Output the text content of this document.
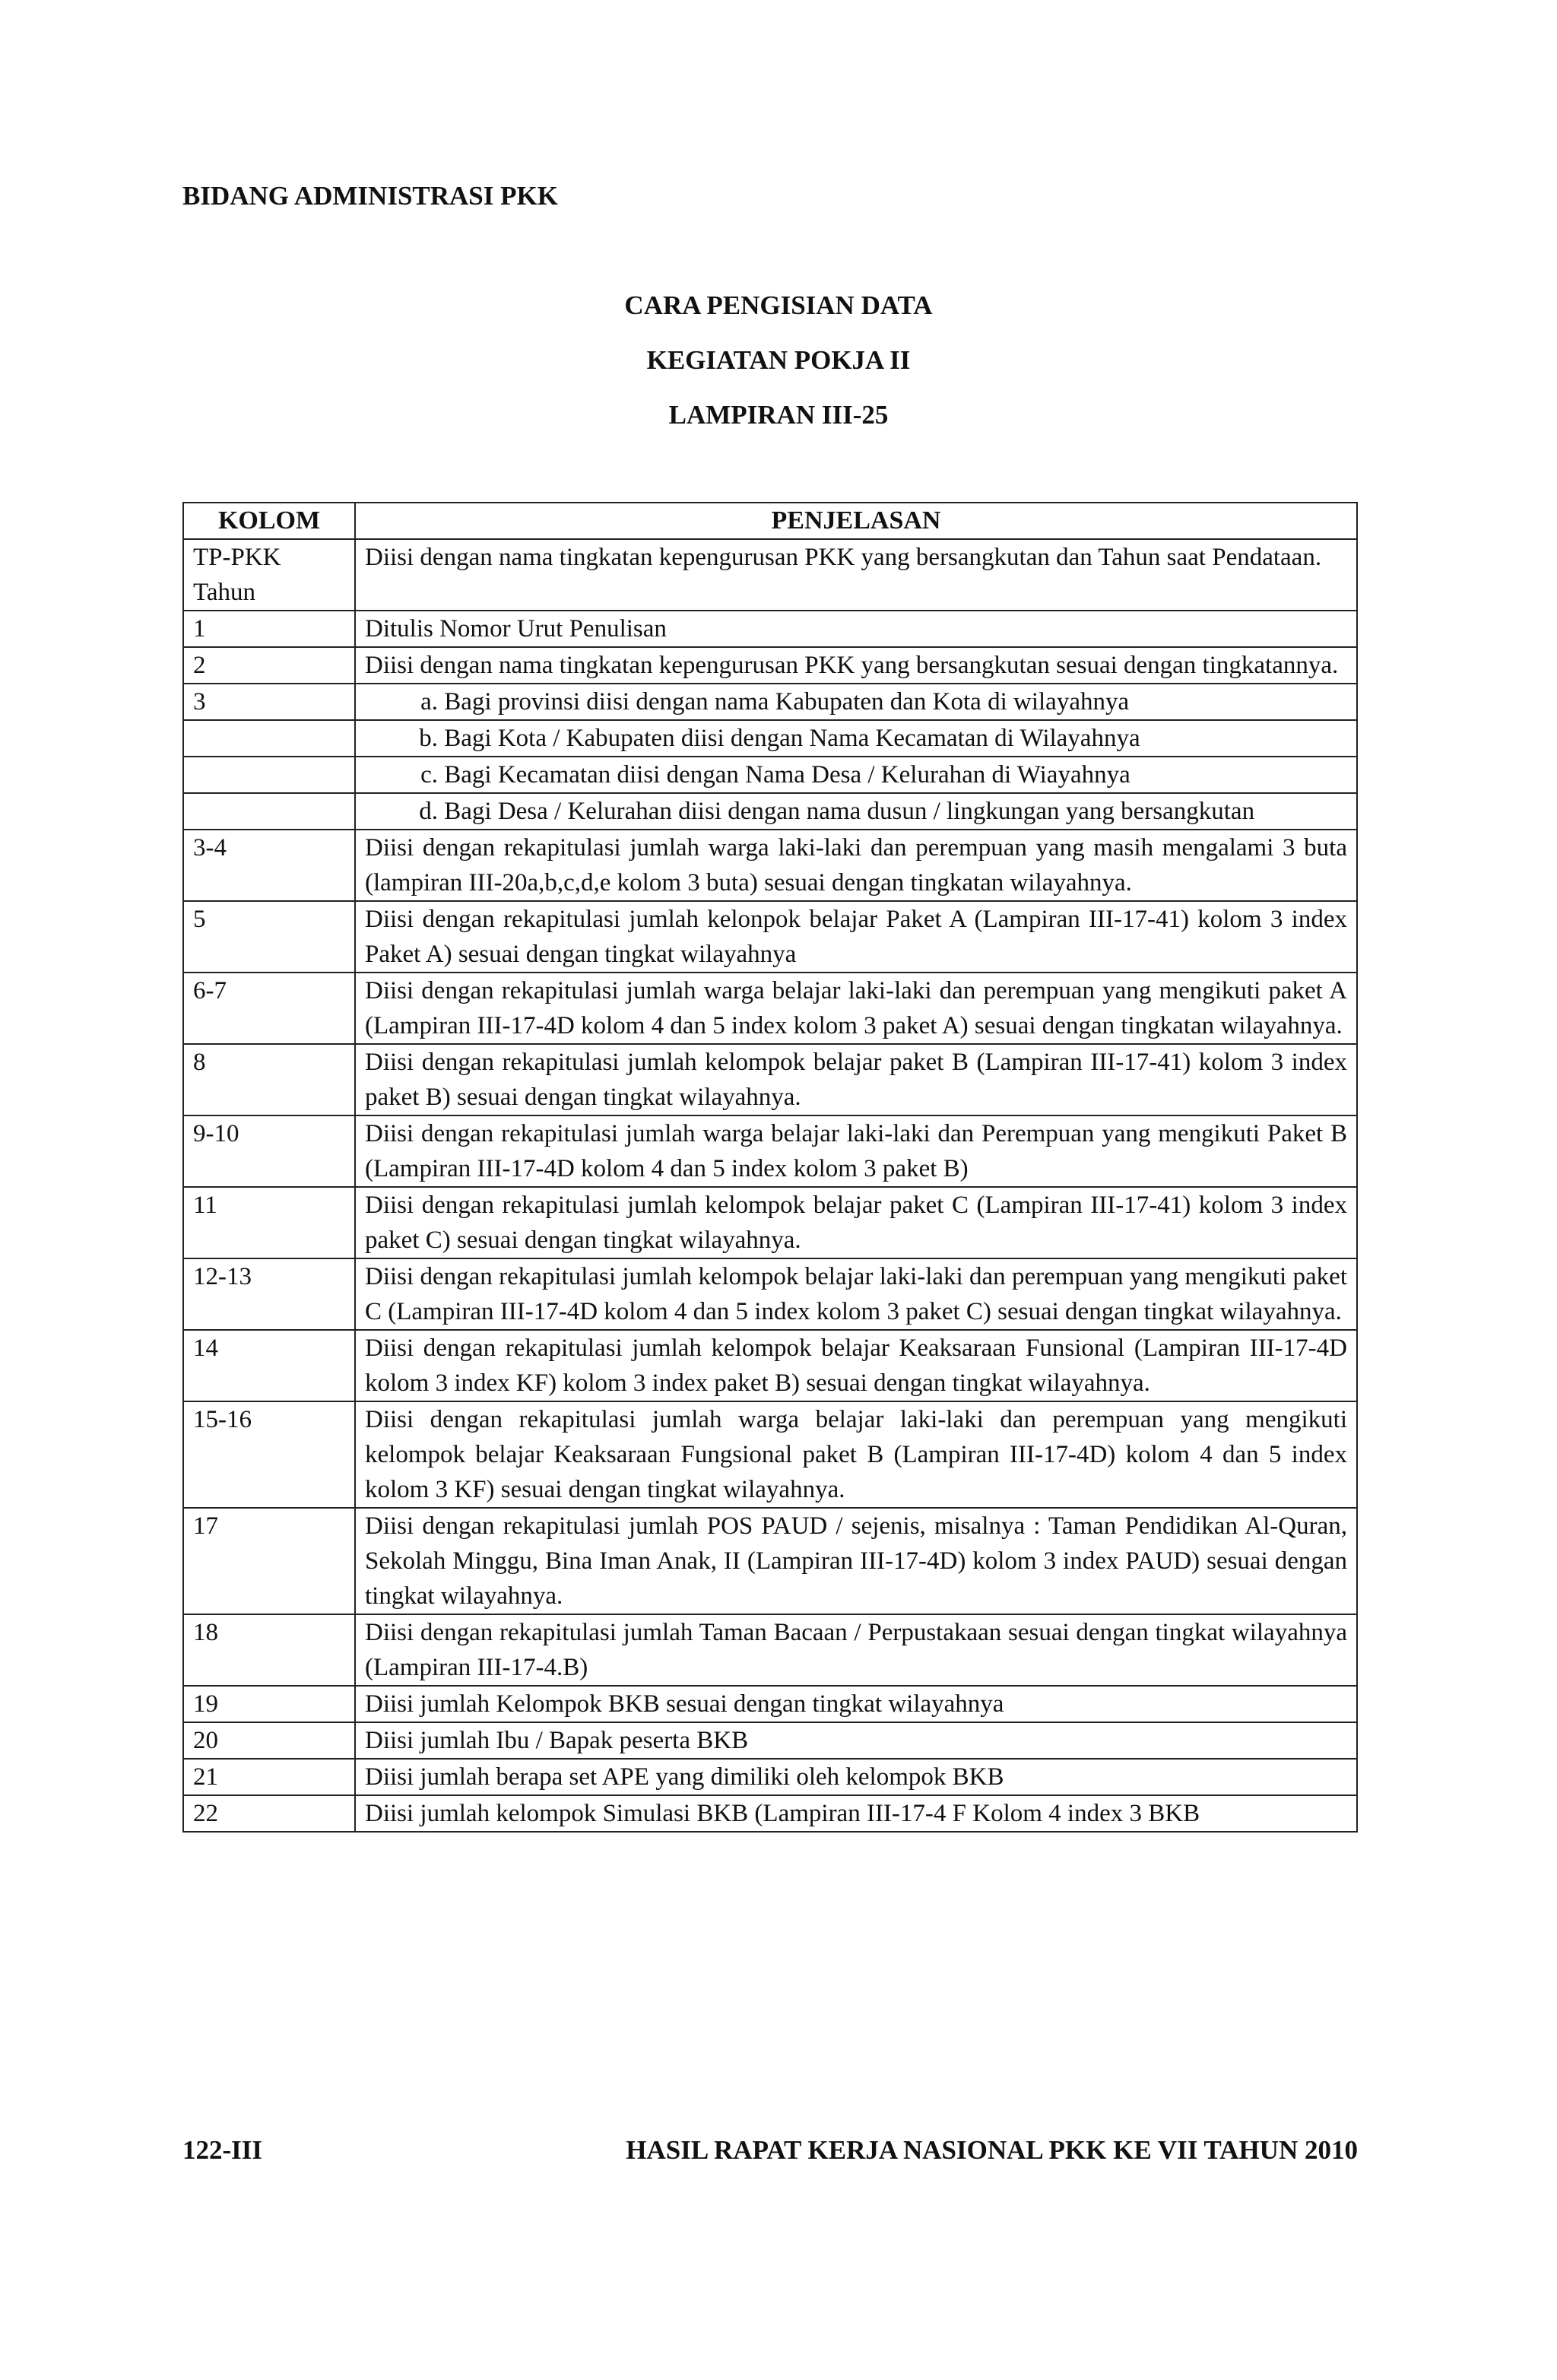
BIDANG ADMINISTRASI PKK
CARA PENGISIAN DATA
KEGIATAN POKJA II
LAMPIRAN III-25
KOLOM	PENJELASAN
TP-PKK Tahun	Diisi dengan nama tingkatan kepengurusan PKK yang bersangkutan dan Tahun saat Pendataan.
1	Ditulis Nomor Urut Penulisan
2	Diisi dengan nama tingkatan kepengurusan PKK yang bersangkutan sesuai dengan tingkatannya.
3	a. Bagi provinsi diisi dengan nama Kabupaten dan Kota di wilayahnya
	b. Bagi Kota / Kabupaten diisi dengan Nama Kecamatan di Wilayahnya
	c. Bagi Kecamatan diisi dengan Nama Desa / Kelurahan di Wiayahnya
	d. Bagi Desa / Kelurahan diisi dengan nama dusun / lingkungan yang bersangkutan
3-4	Diisi dengan rekapitulasi jumlah warga laki-laki dan perempuan yang masih mengalami 3 buta (lampiran III-20a,b,c,d,e kolom 3 buta) sesuai dengan tingkatan wilayahnya.
5	Diisi dengan rekapitulasi jumlah kelonpok belajar Paket A (Lampiran III-17-41) kolom 3 index Paket A) sesuai dengan tingkat wilayahnya
6-7	Diisi dengan rekapitulasi jumlah warga belajar laki-laki dan perempuan yang mengikuti paket A (Lampiran III-17-4D kolom 4 dan 5 index kolom 3 paket A) sesuai dengan tingkatan wilayahnya.
8	Diisi dengan rekapitulasi jumlah kelompok belajar paket B (Lampiran III-17-41) kolom 3 index paket B) sesuai dengan tingkat wilayahnya.
9-10	Diisi dengan rekapitulasi jumlah warga belajar laki-laki dan Perempuan yang mengikuti Paket B (Lampiran III-17-4D kolom 4 dan 5 index kolom 3 paket B)
11	Diisi dengan rekapitulasi jumlah kelompok belajar paket C (Lampiran III-17-41) kolom 3 index paket C) sesuai dengan tingkat wilayahnya.
12-13	Diisi dengan rekapitulasi jumlah kelompok belajar laki-laki dan perempuan yang mengikuti paket C (Lampiran III-17-4D kolom 4 dan 5 index kolom 3 paket C) sesuai dengan tingkat wilayahnya.
14	Diisi dengan rekapitulasi jumlah kelompok belajar Keaksaraan Funsional (Lampiran III-17-4D kolom 3 index KF) kolom 3 index paket B) sesuai dengan tingkat wilayahnya.
15-16	Diisi dengan rekapitulasi jumlah warga belajar laki-laki dan perempuan yang mengikuti kelompok belajar Keaksaraan Fungsional paket B (Lampiran III-17-4D) kolom 4 dan 5 index kolom 3 KF) sesuai dengan tingkat wilayahnya.
17	Diisi dengan rekapitulasi jumlah POS PAUD / sejenis, misalnya : Taman Pendidikan Al-Quran, Sekolah Minggu, Bina Iman Anak, II (Lampiran III-17-4D) kolom 3 index PAUD) sesuai dengan tingkat wilayahnya.
18	Diisi dengan rekapitulasi jumlah Taman Bacaan / Perpustakaan sesuai dengan tingkat wilayahnya (Lampiran III-17-4.B)
19	Diisi jumlah Kelompok BKB sesuai dengan tingkat wilayahnya
20	Diisi jumlah Ibu / Bapak peserta BKB
21	Diisi jumlah berapa set APE yang dimiliki oleh kelompok BKB
22	Diisi jumlah kelompok Simulasi BKB (Lampiran III-17-4 F Kolom 4 index 3 BKB
122-III	HASIL RAPAT KERJA NASIONAL PKK KE VII TAHUN 2010
